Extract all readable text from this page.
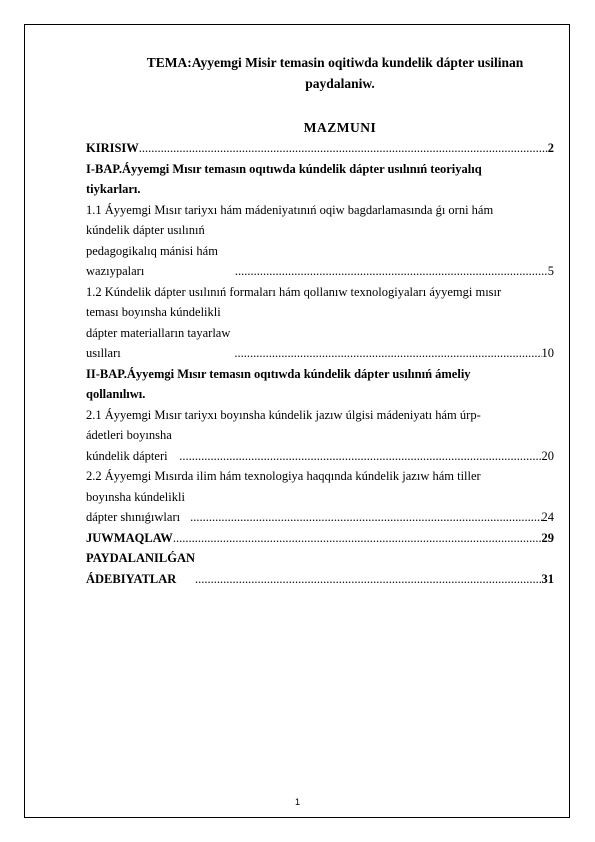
TEMA:Ayyemgi Misir temasin oqitiwda kundelik dápter usilinan
paydalaniw.
MAZMUNI
KIRISIW .....	2
I-BAP.Áyyemgi Mısır temasın oqıtıwda kúndelik dápter usılınıń teoriyalıq
tiykarları.
1.1 Áyyemgi Mısır tariyxı hám mádeniyatınıń oqiw bagdarlamasında ǵı orni hám
kúndelik dápter usılınıń pedagogikalıq mánisi hám wazıypaları .....	5
1.2 Kúndelik dápter usılınıń formaları hám qollanıw texnologiyaları áyyemgi mısır
teması boyınsha kúndelikli dápter materialların tayarlaw usılları .....	10
II-BAP.Áyyemgi Mısır temasın oqıtıwda kúndelik dápter usılınıń ámeliy
qollanılıwı.
2.1 Áyyemgi Mısır tariyxı boyınsha kúndelik jazıw úlgisi mádeniyatı hám úrp-
ádetleri boyınsha kúndelik dápteri .....	20
2.2 Áyyemgi Mısırda ilim hám texnologiya haqqında kúndelik jazıw hám tiller
boyınsha kúndelikli dápter shınıǵıwları .....	24
JUWMAQLAW .....	29
PAYDALANILǴAN ÁDEBIYATLAR .....	31
1
